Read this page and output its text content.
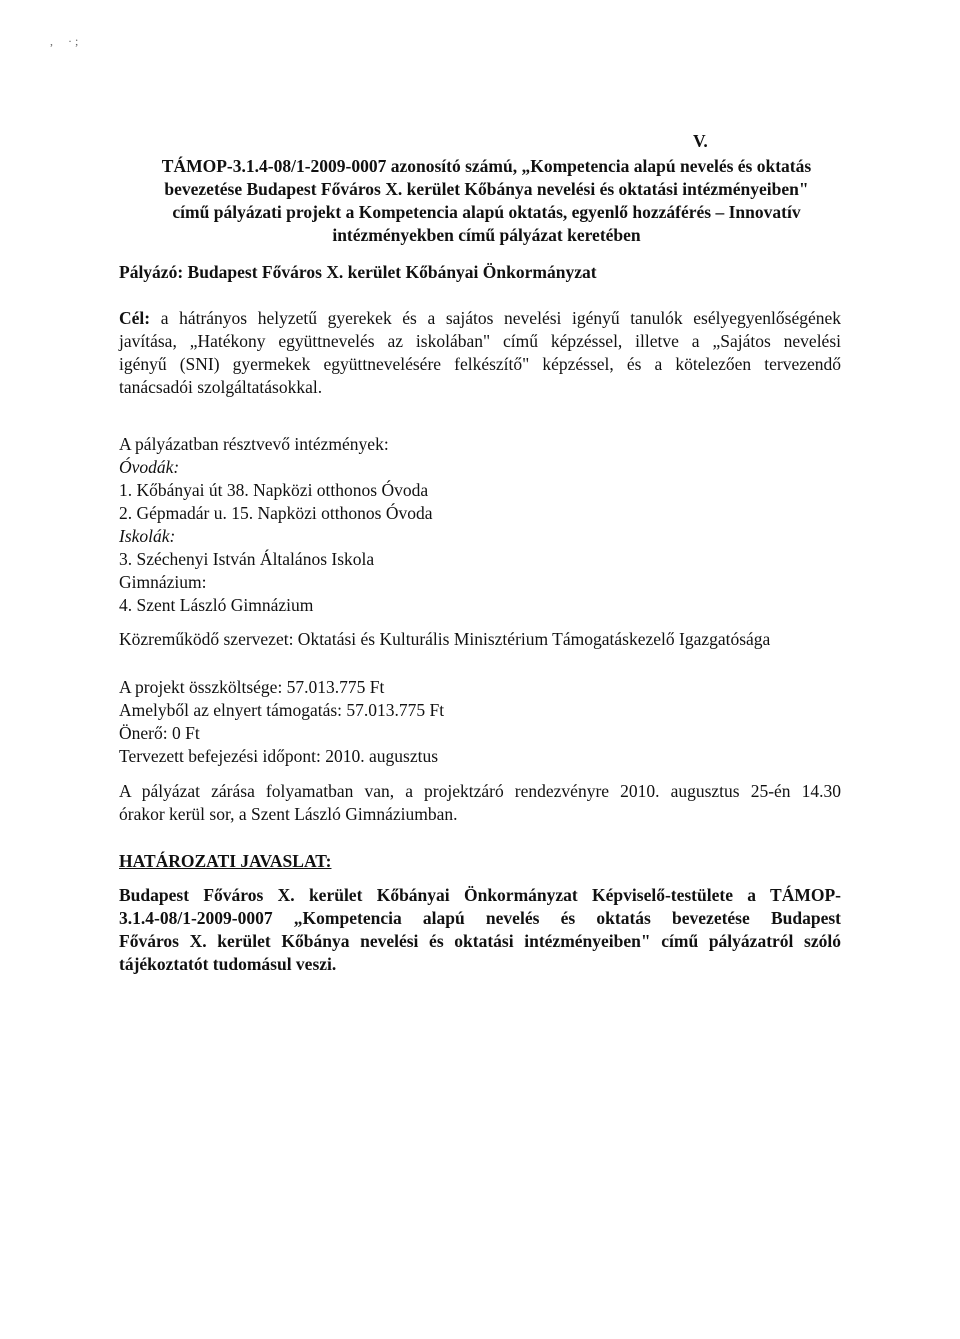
, · ;
V.
TÁMOP-3.1.4-08/1-2009-0007 azonosító számú, „Kompetencia alapú nevelés és oktatás
bevezetése Budapest Főváros X. kerület Kőbánya nevelési és oktatási intézményeiben"
című pályázati projekt a Kompetencia alapú oktatás, egyenlő hozzáférés – Innovatív
intézményekben című pályázat keretében
Pályázó: Budapest Főváros X. kerület Kőbányai Önkormányzat
Cél: a hátrányos helyzetű gyerekek és a sajátos nevelési igényű tanulók esélyegyenlőségének
javítása, „Hatékony együttnevelés az iskolában" című képzéssel, illetve a „Sajátos nevelési
igényű (SNI) gyermekek együttnevelésére felkészítő" képzéssel, és a kötelezően tervezendő
tanácsadói szolgáltatásokkal.
A pályázatban résztvevő intézmények:
Óvodák:
1. Kőbányai út 38. Napközi otthonos Óvoda
2. Gépmadár u. 15. Napközi otthonos Óvoda
Iskolák:
3. Széchenyi István Általános Iskola
Gimnázium:
4. Szent László Gimnázium
Közreműködő szervezet: Oktatási és Kulturális Minisztérium Támogatáskezelő Igazgatósága
A projekt összköltsége: 57.013.775 Ft
Amelyből az elnyert támogatás: 57.013.775 Ft
Önerő: 0 Ft
Tervezett befejezési időpont: 2010. augusztus
A pályázat zárása folyamatban van, a projektzáró rendezvényre 2010. augusztus 25-én 14.30
órakor kerül sor, a Szent László Gimnáziumban.
HATÁROZATI JAVASLAT:
Budapest Főváros X. kerület Kőbányai Önkormányzat Képviselő-testülete a TÁMOP-
3.1.4-08/1-2009-0007 „Kompetencia alapú nevelés és oktatás bevezetése Budapest
Főváros X. kerület Kőbánya nevelési és oktatási intézményeiben" című pályázatról szóló
tájékoztatót tudomásul veszi.
